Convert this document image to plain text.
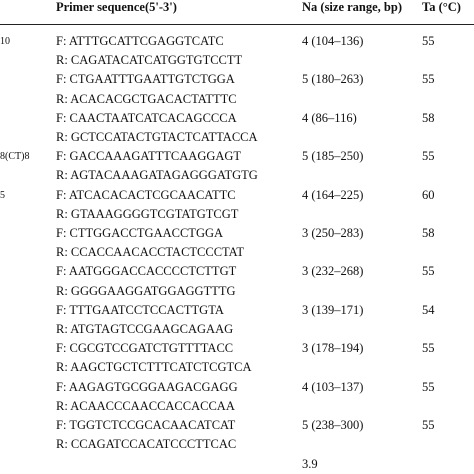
Primer sequence(5'-3')	Na (size range, bp) Ta (°C)
10	F: ATTTGCATTCGAGGTCATC	4 (104–136)	55
R: CAGATACATCATGGTGTCCTT
F: CTGAATTTGAATTGTCTGGA	5 (180–263)	55
R: ACACACGCTGACACTATTTC
F: CAACTAATCATCACAGCCCA	4 (86–116)	58
R: GCTCCATACTGTACTCATTACCA
8(CT)8 F: GACCAAAGATTTCAAGGAGT	5 (185–250)	55
R: AGTACAAAGATAGAGGGATGTG
5	F: ATCACACACTCGCAACATTC	4 (164–225)	60
R: GTAAAGGGGTCGTATGTCGT
F: CTTGGACCTGAACCTGGA	3 (250–283)	58
R: CCACCAACACCTACTCCCTAT
F: AATGGGACCACCCCTCTTGT	3 (232–268)	55
R: GGGGAAGGATGGAGGTTTG
F: TTTGAATCCTCCACTTGTA	3 (139–171)	54
R: ATGTAGTCCGAAGCAGAAG
F: CGCGTCCGATCTGTTTTACC	3 (178–194)	55
R: AAGCTGCTCTTTCATCTCGTCA
F: AAGAGTGCGGAAGACGAGG	4 (103–137)	55
R: ACAACCCAACCACCACCAA
F: TGGTCTCCGCACAACATCAT	5 (238–300)	55
R: CCAGATCCACATCCCTTCAC
3.9
